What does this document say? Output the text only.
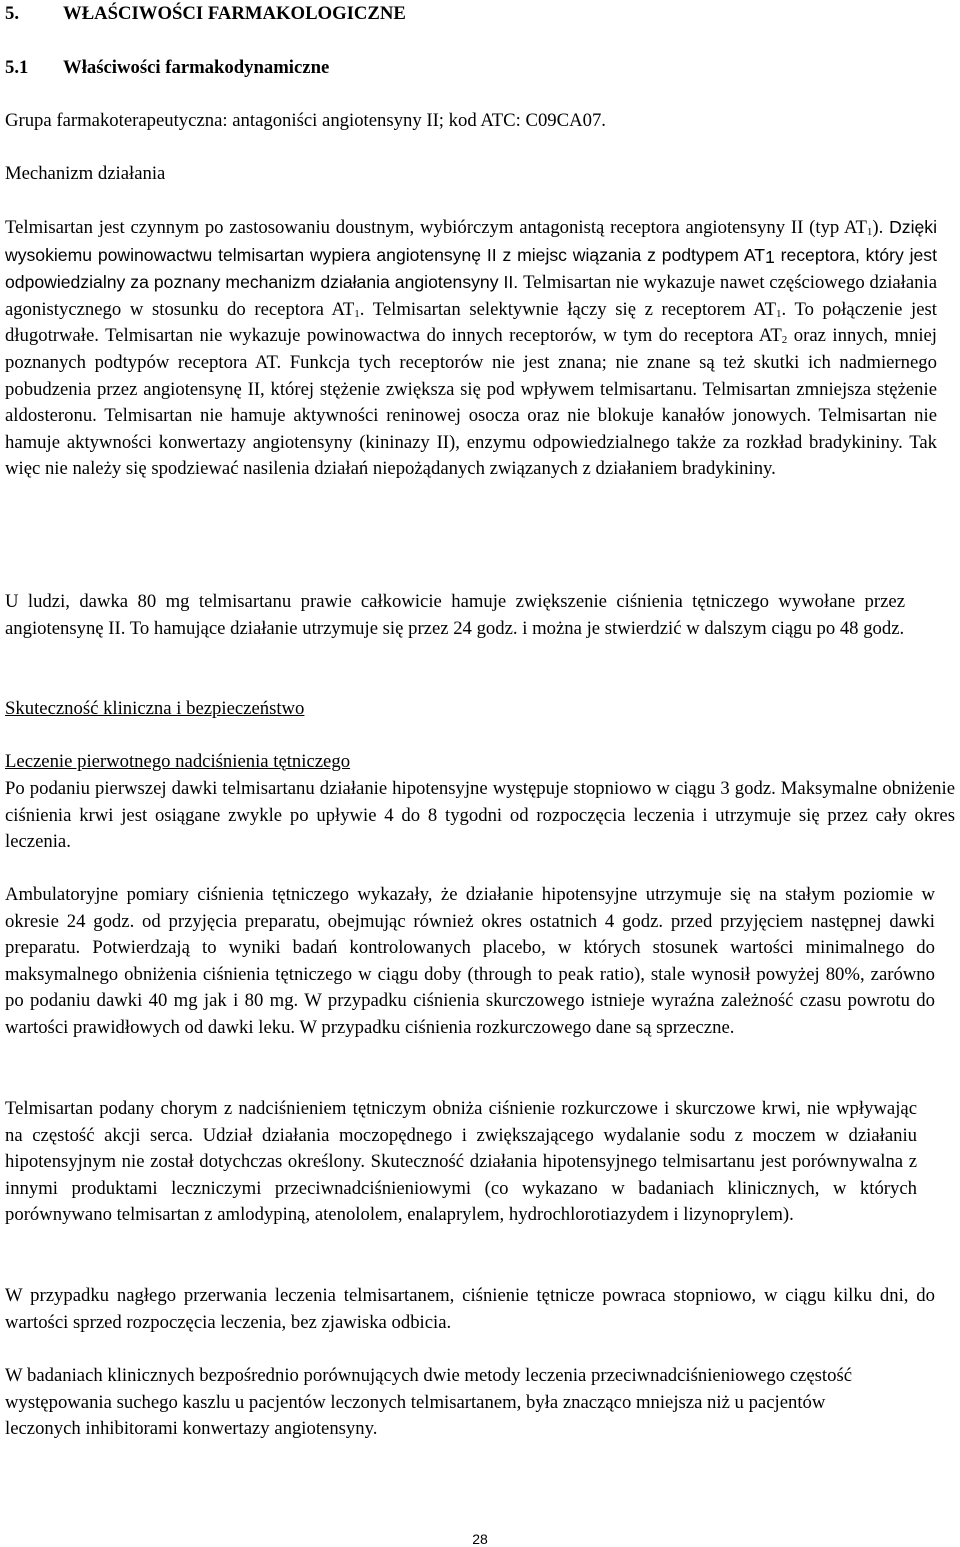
5. WŁAŚCIWOŚCI FARMAKOLOGICZNE
5.1 Właściwości farmakodynamiczne
Grupa farmakoterapeutyczna: antagoniści angiotensyny II; kod ATC: C09CA07.
Mechanizm działania
Telmisartan jest czynnym po zastosowaniu doustnym, wybiórczym antagonistą receptora angiotensyny II (typ $AT_1$). Dzięki wysokiemu powinowactwu telmisartan wypiera angiotensynę II z miejsc wiązania z podtypem $AT_1$ receptora, który jest odpowiedzialny za poznany mechanizm działania angiotensyny II. Telmisartan nie wykazuje nawet częściowego działania agonistycznego w stosunku do receptora $AT_1$. Telmisartan selektywnie łączy się z receptorem $AT_1$. To połączenie jest długotrwałe. Telmisartan nie wykazuje powinowactwa do innych receptorów, w tym do receptora $AT_2$ oraz innych, mniej poznanych podtypów receptora AT. Funkcja tych receptorów nie jest znana; nie znane są też skutki ich nadmiernego pobudzenia przez angiotensynę II, której stężenie zwiększa się pod wpływem telmisartanu. Telmisartan zmniejsza stężenie aldosteronu. Telmisartan nie hamuje aktywności reninowej osocza oraz nie blokuje kanałów jonowych. Telmisartan nie hamuje aktywności konwertazy angiotensyny (kininazy II), enzymu odpowiedzialnego także za rozkład bradykininy. Tak więc nie należy się spodziewać nasilenia działań niepożądanych związanych z działaniem bradykininy.
U ludzi, dawka 80 mg telmisartanu prawie całkowicie hamuje zwiększenie ciśnienia tętniczego wywołane przez angiotensynę II. To hamujące działanie utrzymuje się przez 24 godz. i można je stwierdzić w dalszym ciągu po 48 godz.
Skuteczność kliniczna i bezpieczeństwo
Leczenie pierwotnego nadciśnienia tętniczego
Po podaniu pierwszej dawki telmisartanu działanie hipotensyjne występuje stopniowo w ciągu 3 godz. Maksymalne obniżenie ciśnienia krwi jest osiągane zwykle po upływie 4 do 8 tygodni od rozpoczęcia leczenia i utrzymuje się przez cały okres leczenia.
Ambulatoryjne pomiary ciśnienia tętniczego wykazały, że działanie hipotensyjne utrzymuje się na stałym poziomie w okresie 24 godz. od przyjęcia preparatu, obejmując również okres ostatnich 4 godz. przed przyjęciem następnej dawki preparatu. Potwierdzają to wyniki badań kontrolowanych placebo, w których stosunek wartości minimalnego do maksymalnego obniżenia ciśnienia tętniczego w ciągu doby (through to peak ratio), stale wynosił powyżej 80%, zarówno po podaniu dawki 40 mg jak i 80 mg. W przypadku ciśnienia skurczowego istnieje wyraźna zależność czasu powrotu do wartości prawidłowych od dawki leku. W przypadku ciśnienia rozkurczowego dane są sprzeczne.
Telmisartan podany chorym z nadciśnieniem tętniczym obniża ciśnienie rozkurczowe i skurczowe krwi, nie wpływając na częstość akcji serca. Udział działania moczopędnego i zwiększającego wydalanie sodu z moczem w działaniu hipotensyjnym nie został dotychczas określony. Skuteczność działania hipotensyjnego telmisartanu jest porównywalna z innymi produktami leczniczymi przeciwnadciśnieniowymi (co wykazano w badaniach klinicznych, w których porównywano telmisartan z amlodypiną, atenololem, enalaprylem, hydrochlorotiazydem i lizynoprylem).
W przypadku nagłego przerwania leczenia telmisartanem, ciśnienie tętnicze powraca stopniowo, w ciągu kilku dni, do wartości sprzed rozpoczęcia leczenia, bez zjawiska odbicia.
W badaniach klinicznych bezpośrednio porównujących dwie metody leczenia przeciwnadciśnieniowego częstość występowania suchego kaszlu u pacjentów leczonych telmisartanem, była znacząco mniejsza niż u pacjentów leczonych inhibitorami konwertazy angiotensyny.
28
